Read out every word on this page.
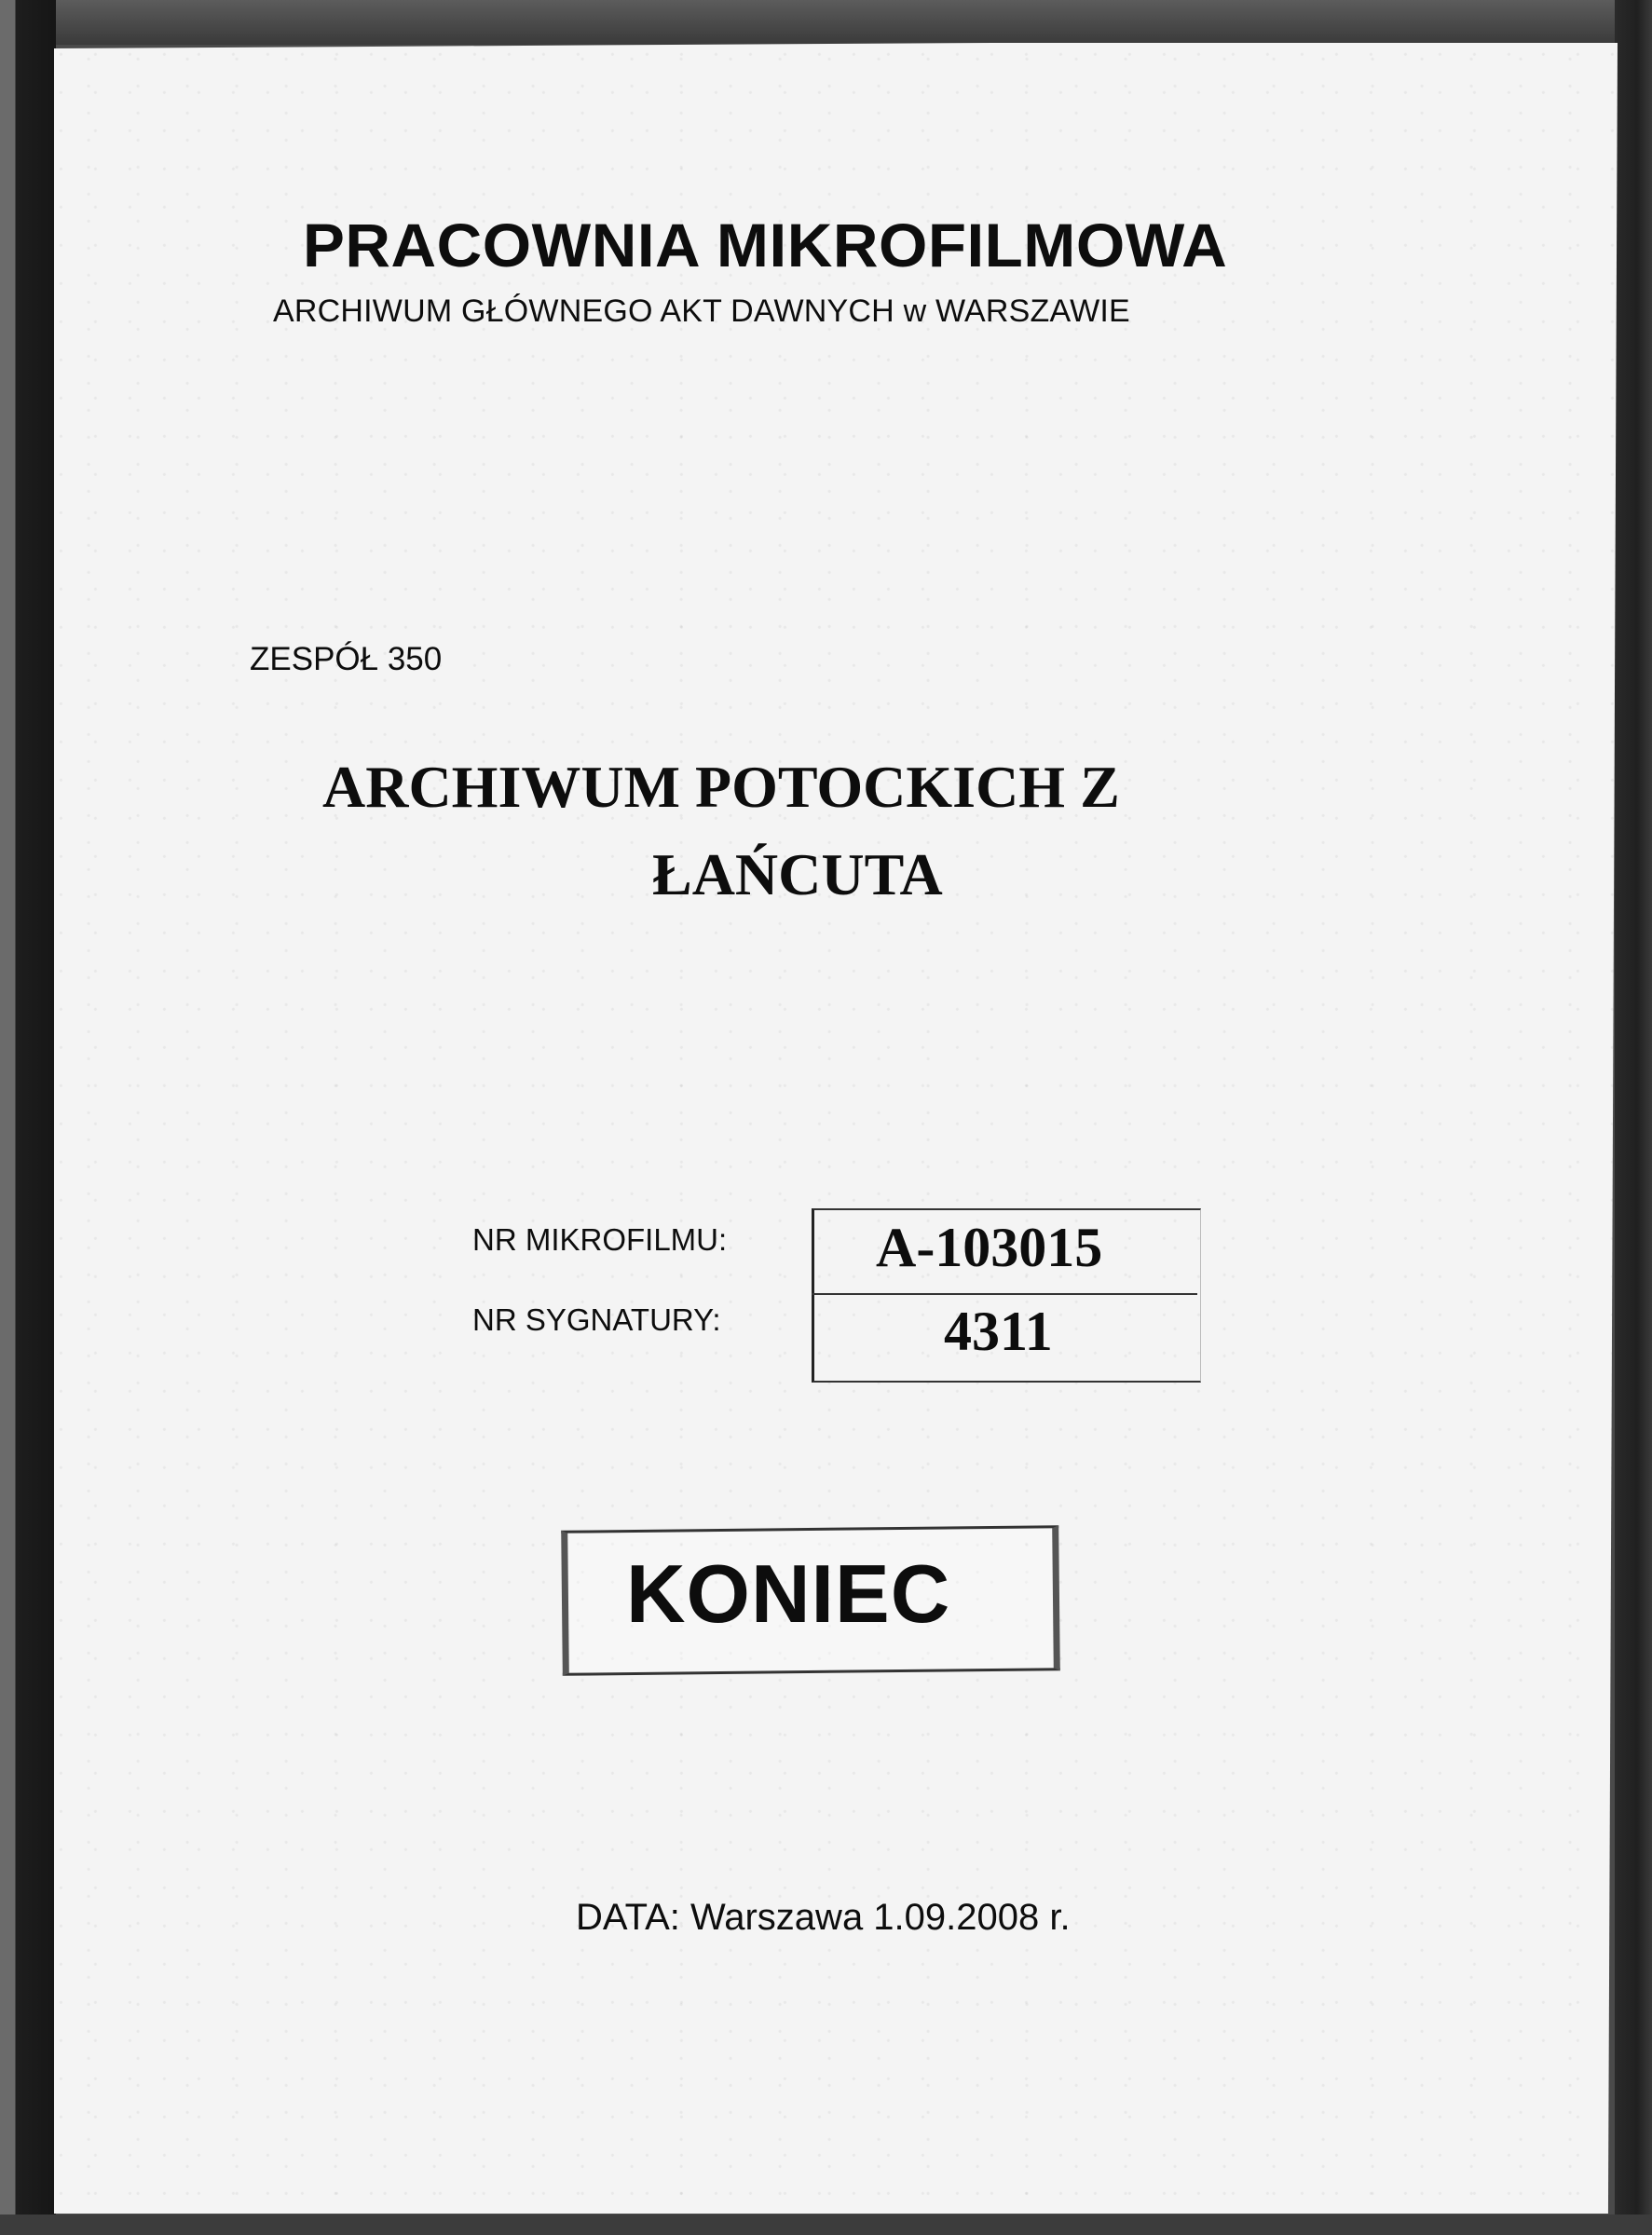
PRACOWNIA MIKROFILMOWA

ARCHIWUM GŁÓWNEGO AKT DAWNYCH w WARSZAWIE

ZESPÓŁ 350

ARCHIWUM POTOCKICH Z

ŁAŃCUTA

NR MIKROFILMU:	A-103015

NR SYGNATURY:	4311

KONIEC

DATA: Warszawa 1.09.2008 r.
